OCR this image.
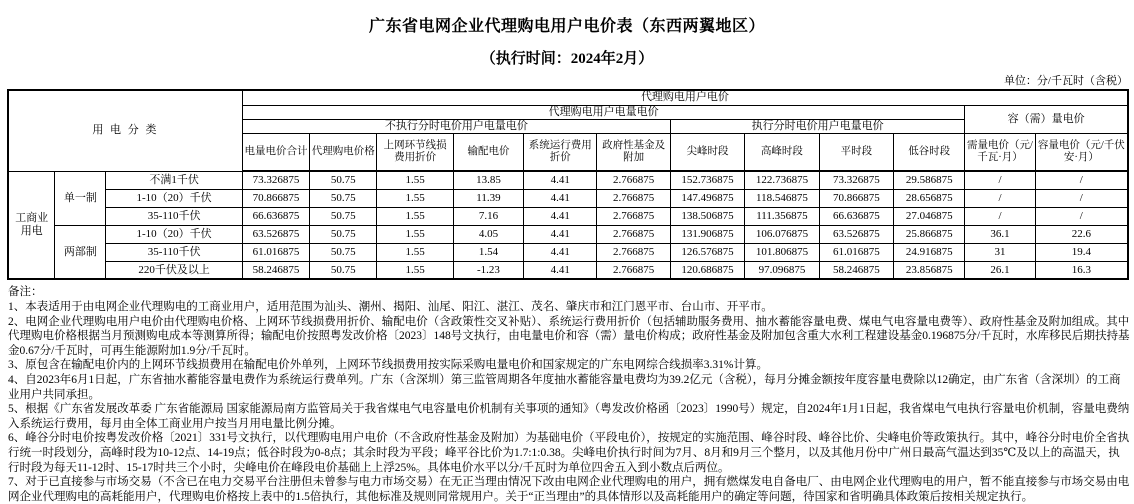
广东省电网企业代理购电用户电价表（东西两翼地区）
（执行时间：2024年2月）
单位：分/千瓦时（含税）
用 电 分 类			代理购电用户电价											
			代理购电用户电量电价										容（需）量电价	
			不执行分时电价用户电量电价						执行分时电价用户电量电价					
			电量电价合计	代理购电价格	上网环节线损费用折价	输配电价	系统运行费用折价	政府性基金及附加	尖峰时段	高峰时段	平时段	低谷时段	需量电价（元/千瓦·月）	容量电价（元/千伏安·月）
工商业用电	单一制	不满1千伏	73.326875	50.75	1.55	13.85	4.41	2.766875	152.736875	122.736875	73.326875	29.586875	/	/
		1-10（20）千伏	70.866875	50.75	1.55	11.39	4.41	2.766875	147.496875	118.546875	70.866875	28.656875	/	/
		35-110千伏	66.636875	50.75	1.55	7.16	4.41	2.766875	138.506875	111.356875	66.636875	27.046875	/	/
	两部制	1-10（20）千伏	63.526875	50.75	1.55	4.05	4.41	2.766875	131.906875	106.076875	63.526875	25.866875	36.1	22.6
		35-110千伏	61.016875	50.75	1.55	1.54	4.41	2.766875	126.576875	101.806875	61.016875	24.916875	31	19.4
		220千伏及以上	58.246875	50.75	1.55	-1.23	4.41	2.766875	120.686875	97.096875	58.246875	23.856875	26.1	16.3
备注：
1、本表适用于由电网企业代理购电的工商业用户，适用范围为汕头、潮州、揭阳、汕尾、阳江、湛江、茂名、肇庆市和江门恩平市、台山市、开平市。
2、电网企业代理购电用户电价由代理购电价格、上网环节线损费用折价、输配电价（含政策性交叉补贴）、系统运行费用折价（包括辅助服务费用、抽水蓄能容量电费、煤电气电容量电费等）、政府性基金及附加组成。其中代理购电价格根据当月预测购电成本等测算所得；输配电价按照粤发改价格〔2023〕148号文执行，由电量电价和容（需）量电价构成；政府性基金及附加包含重大水利工程建设基金0.196875分/千瓦时，水库移民后期扶持基金0.67分/千瓦时，可再生能源附加1.9分/千瓦时。
3、原包含在输配电价内的上网环节线损费用在输配电价外单列，上网环节线损费用按实际采购电量电价和国家规定的广东电网综合线损率3.31%计算。
4、自2023年6月1日起，广东省抽水蓄能容量电费作为系统运行费单列。广东（含深圳）第三监管周期各年度抽水蓄能容量电费均为39.2亿元（含税），每月分摊金额按年度容量电费除以12确定，由广东省（含深圳）的工商业用户共同承担。
5、根据《广东省发展改革委 广东省能源局 国家能源局南方监管局关于我省煤电气电容量电价机制有关事项的通知》（粤发改价格函〔2023〕1990号）规定，自2024年1月1日起，我省煤电气电执行容量电价机制，容量电费纳入系统运行费用，每月由全体工商业用户按当月用电量比例分摊。
6、峰谷分时电价按粤发改价格〔2021〕331号文执行，以代理购电用户电价（不含政府性基金及附加）为基础电价（平段电价），按规定的实施范围、峰谷时段、峰谷比价、尖峰电价等政策执行。其中，峰谷分时电价全省执行统一时段划分，高峰时段为10-12点、14-19点；低谷时段为0-8点；其余时段为平段；峰平谷比价为1.7:1:0.38。尖峰电价执行时间为7月、8月和9月三个整月，以及其他月份中广州日最高气温达到35℃及以上的高温天，执行时段为每天11-12时、15-17时共三个小时，尖峰电价在峰段电价基础上上浮25%。具体电价水平以分/千瓦时为单位四舍五入到小数点后两位。
7、对于已直接参与市场交易（不含已在电力交易平台注册但未曾参与电力市场交易）在无正当理由情况下改由电网企业代理购电的用户，拥有燃煤发电自备电厂、由电网企业代理购电的用户，暂不能直接参与市场交易由电网企业代理购电的高耗能用户，代理购电价格按上表中的1.5倍执行，其他标准及规则同常规用户。关于“正当理由”的具体情形以及高耗能用户的确定等问题，待国家和省明确具体政策后按相关规定执行。
